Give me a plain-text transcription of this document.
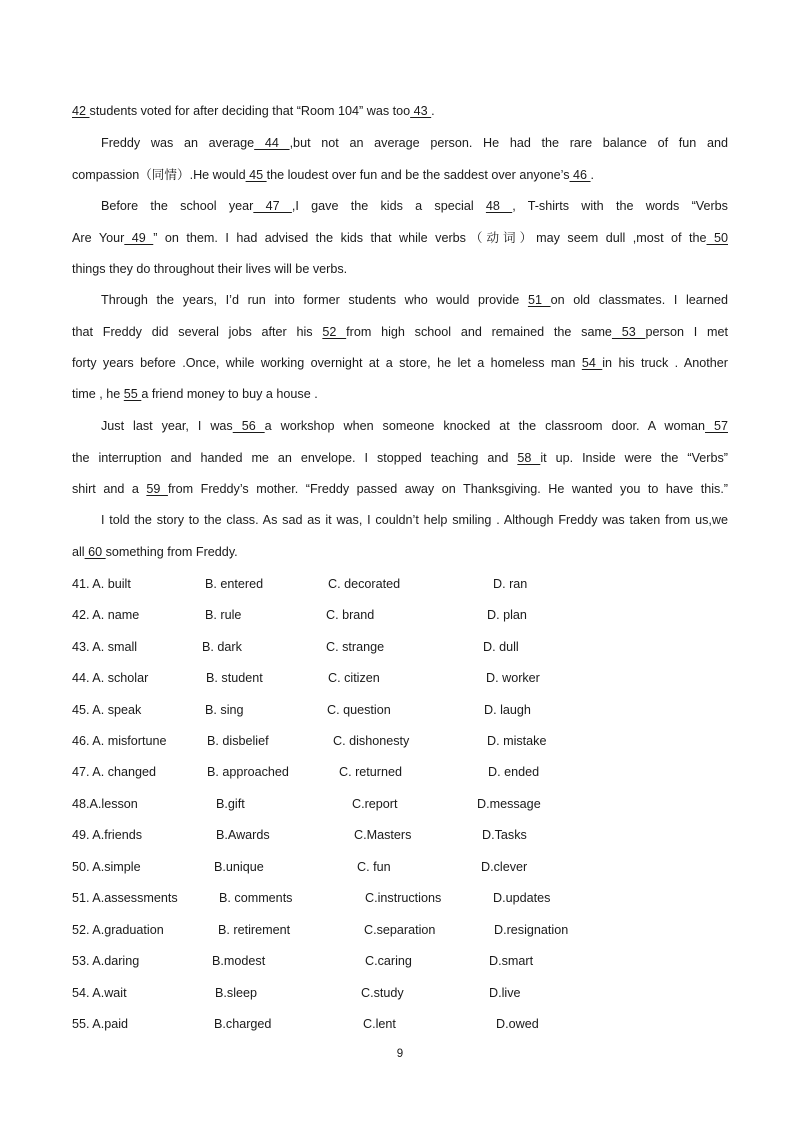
42 students voted for after deciding that “Room 104” was too 43 .
Freddy was an average 44 ,but not an average person. He had the rare balance of fun and
compassion（同情）.He would 45 the loudest over fun and be the saddest over anyone’s 46 .
Before the school year 47 ,I gave the kids a special 48 , T-shirts with the words “Verbs
Are Your 49 ” on them. I had advised the kids that while verbs（动词）may seem dull ,most of the 50
things they do throughout their lives will be verbs.
Through the years, I’d run into former students who would provide 51 on old classmates. I learned
that Freddy did several jobs after his 52 from high school and remained the same 53 person I met
forty years before .Once, while working overnight at a store, he let a homeless man 54 in his truck . Another
time , he 55 a friend money to buy a house .
Just last year, I was 56 a workshop when someone knocked at the classroom door. A woman 57
the interruption and handed me an envelope. I stopped teaching and 58 it up. Inside were the “Verbs”
shirt and a 59 from Freddy’s mother. “Freddy passed away on Thanksgiving. He wanted you to have this.”
I told the story to the class. As sad as it was, I couldn’t help smiling . Although Freddy was taken from us,we
all 60 something from Freddy.
41. A. built	B. entered	C. decorated	D. ran
42. A. name	B. rule	C. brand	D. plan
43. A. small	B. dark	C. strange	D. dull
44. A. scholar	B. student	C. citizen	D. worker
45. A. speak	B. sing	C. question	D. laugh
46. A. misfortune	B. disbelief	C. dishonesty	D. mistake
47. A. changed	B. approached	C. returned	D. ended
48.A.lesson	B.gift	C.report	D.message
49. A.friends	B.Awards	C.Masters	D.Tasks
50. A.simple	B.unique	C. fun	D.clever
51. A.assessments	B. comments	C.instructions	D.updates
52. A.graduation	B. retirement	C.separation	D.resignation
53. A.daring	B.modest	C.caring	D.smart
54. A.wait	B.sleep	C.study	D.live
55. A.paid	B.charged	C.lent	D.owed
9
